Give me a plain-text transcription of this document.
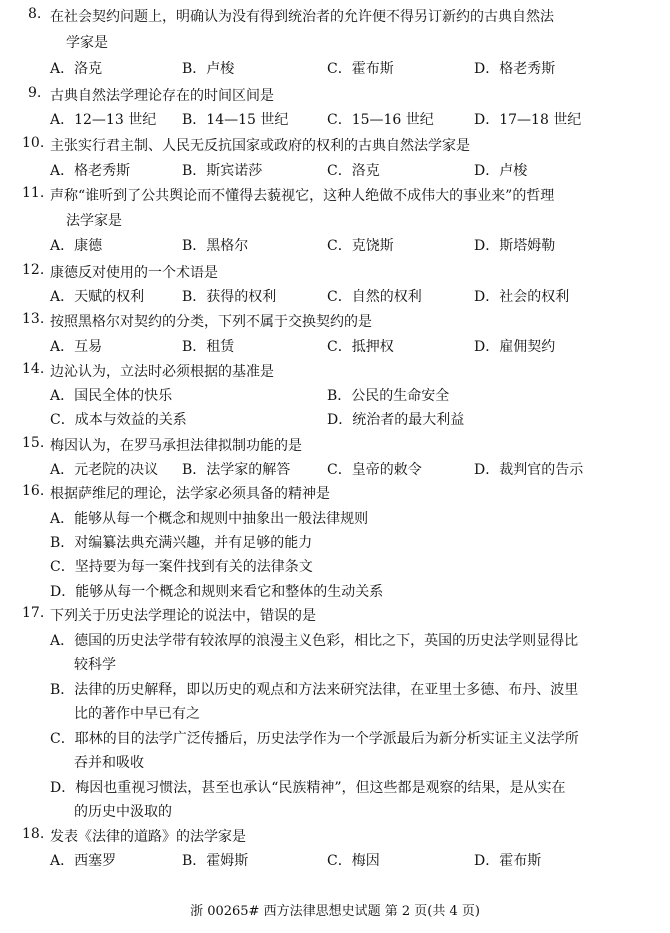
8. 在社会契约问题上，明确认为没有得到统治者的允许便不得另订新约的古典自然法
学家是
A．洛克	B．卢梭	C．霍布斯	D．格老秀斯
9. 古典自然法学理论存在的时间区间是
A．12—13 世纪 B．14—15 世纪	C．15—16 世纪	D．17—18 世纪
10. 主张实行君主制、人民无反抗国家或政府的权利的古典自然法学家是
A．格老秀斯	B．斯宾诺莎	C．洛克	D．卢梭
11. 声称“谁听到了公共舆论而不懂得去藐视它，这种人绝做不成伟大的事业来”的哲理
法学家是
A．康德	B．黑格尔	C．克饶斯	D．斯塔姆勒
12. 康德反对使用的一个术语是
A．天赋的权利	B．获得的权利	C．自然的权利	D．社会的权利
13. 按照黑格尔对契约的分类，下列不属于交换契约的是
A．互易	B．租赁	C．抵押权	D．雇佣契约
14. 边沁认为，立法时必须根据的基准是
A．国民全体的快乐	B．公民的生命安全
C．成本与效益的关系	D．统治者的最大利益
15. 梅因认为，在罗马承担法律拟制功能的是
A．元老院的决议 B．法学家的解答	C．皇帝的敕令	D．裁判官的告示
16. 根据萨维尼的理论，法学家必须具备的精神是
A．能够从每一个概念和规则中抽象出一般法律规则
B．对编纂法典充满兴趣，并有足够的能力
C．坚持要为每一案件找到有关的法律条文
D．能够从每一个概念和规则来看它和整体的生动关系
17. 下列关于历史法学理论的说法中，错误的是
A．德国的历史法学带有较浓厚的浪漫主义色彩，相比之下，英国的历史法学则显得比
较科学
B．法律的历史解释，即以历史的观点和方法来研究法律，在亚里士多德、布丹、波里
比的著作中早已有之
C．耶林的目的法学广泛传播后，历史法学作为一个学派最后为新分析实证主义法学所
吞并和吸收
D．梅因也重视习惯法，甚至也承认“民族精神”，但这些都是观察的结果，是从实在
的历史中汲取的
18. 发表《法律的道路》的法学家是
A．西塞罗	B．霍姆斯	C．梅因	D．霍布斯
浙 00265# 西方法律思想史试题 第 2 页(共 4 页)
